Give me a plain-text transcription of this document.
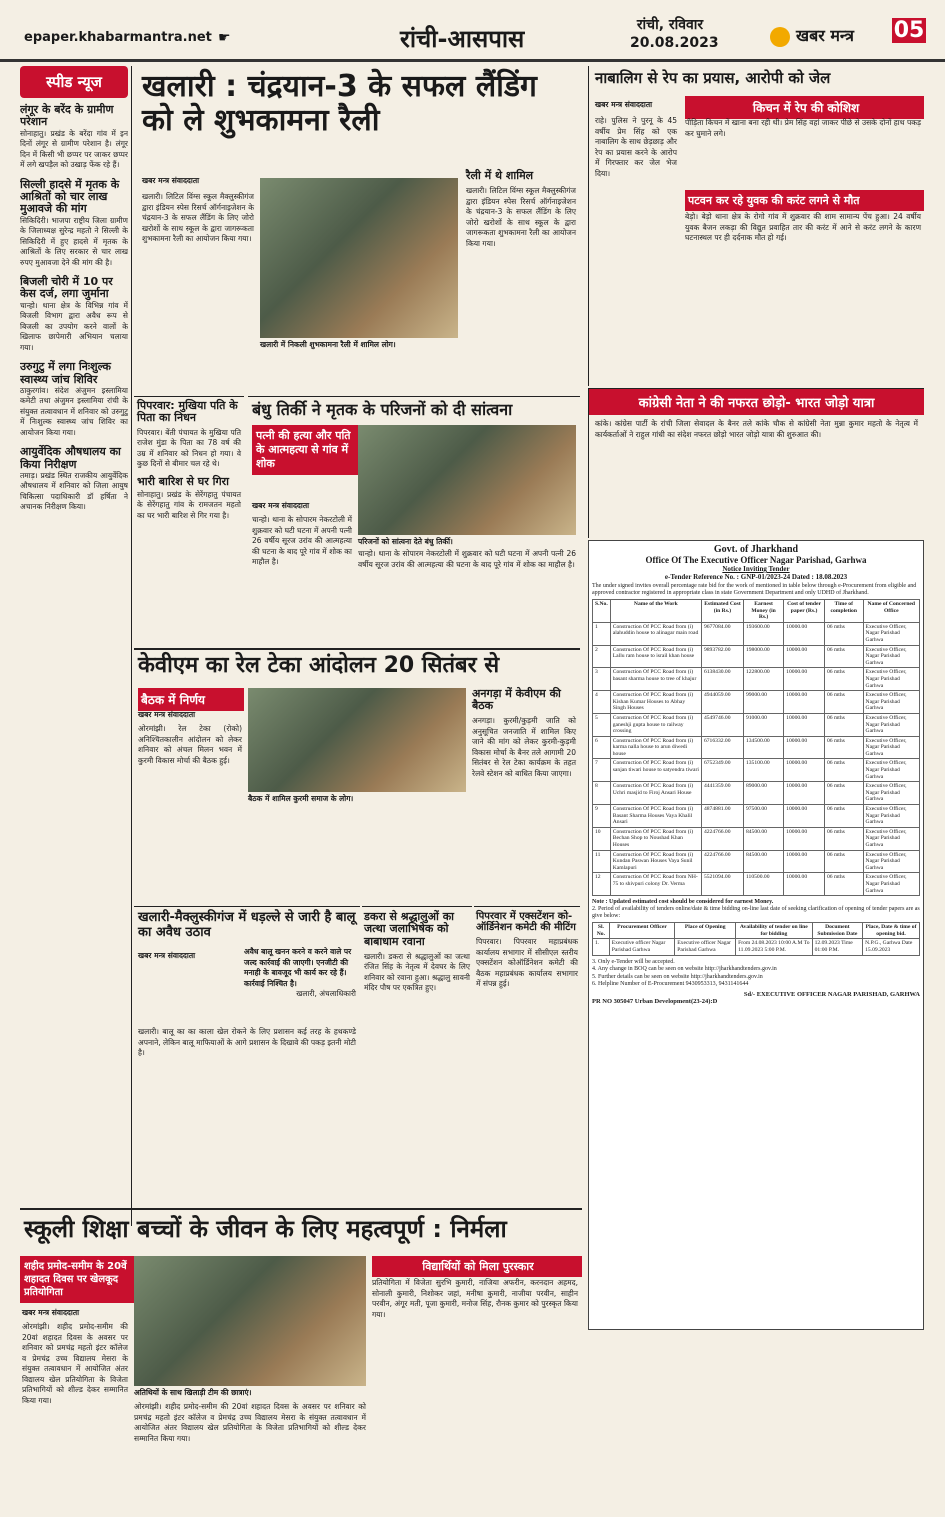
epaper.khabarmantra.net ☛	रांची-आसपास	रांची, रविवार
20.08.2023	खबर मन्त्र 05
स्पीड न्यूज
लंगूर के बरेंद के ग्रामीण परेशान
सोनाहातु। प्रखंड के बरेंदा गांव में इन दिनों लंगूर से ग्रामीण परेशान है। लंगूर दिन में किसी भी छप्पर पर जाकर छप्पर में लगे खपड़ैल को उखाड़ फेंक रहे हैं।
सिल्ली हादसे में मृतक के आश्रितों को चार लाख मुआवजे की मांग
सिकिदिरी। भाजपा राष्ट्रीय जिला ग्रामीण के जिलाध्यक्ष सुरेन्द्र महतो ने सिल्ली के सिकिदिरी में हुए हादसे में मृतक के आश्रितों के लिए सरकार से चार लाख रुपए मुआवजा देने की मांग की है।
बिजली चोरी में 10 पर केस दर्ज, लगा जुर्माना
चान्हो। थाना क्षेत्र के विभिन्न गांव में बिजली विभाग द्वारा अवैध रूप से बिजली का उपयोग करने वालों के खिलाफ छापेमारी अभियान चलाया गया।
उरुगुटु में लगा निःशुल्क स्वास्थ्य जांच शिविर
ठाकुरगांव। संदेश अंजुमन इस्लामिया कमेटी तथा अंजुमन इस्लामिया रांची के संयुक्त तत्वावधान में शनिवार को उरुगुटु में निःशुल्क स्वास्थ्य जांच शिविर का आयोजन किया गया।
आयुर्वेदिक औषधालय का किया निरीक्षण
तमाड़। प्रखंड स्थित राजकीय आयुर्वेदिक औषधालय में शनिवार को जिला आयुष चिकित्सा पदाधिकारी डॉ हर्षिता ने अचानक निरीक्षण किया।
खलारी : चंद्रयान-3 के सफल लैंडिंग को ले शुभकामना रैली
खबर मन्त्र संवाददाता
खलारी। लिटिल विंग्स स्कूल मैक्लुस्कीगंज द्वारा इंडियन स्पेस रिसर्च ऑर्गनाइजेशन के चंद्रयान-3 के सफल लैंडिंग के लिए जोरो खरोशों के साथ स्कूल के द्वारा जागरूकता शुभकामना रैली का आयोजन किया गया।
खलारी में निकली शुभकामना रैली में शामिल लोग।
रैली में थे शामिल
खलारी। लिटिल विंग्स स्कूल मैक्लुस्कीगंज द्वारा इंडियन स्पेस रिसर्च ऑर्गनाइजेशन के चंद्रयान-3 के सफल लैंडिंग के लिए जोरो खरोशों के साथ स्कूल के द्वारा जागरूकता शुभकामना रैली का आयोजन किया गया।
पिपरवार: मुखिया पति के पिता का निधन
पिपरवार। बेंती पंचायत के मुखिया पति राजेश मुंडा के पिता का 78 वर्ष की उम्र में शनिवार को निधन हो गया। वे कुछ दिनों से बीमार चल रहे थे।
भारी बारिश से घर गिरा
सोनाहातु। प्रखंड के सेरेंगहातु पंचायत के सेरेंगहातु गांव के रामजतन महतो का घर भारी बारिश से गिर गया है।
बंधु तिर्की ने मृतक के परिजनों को दी सांत्वना
पत्नी की हत्या और पति के आत्महत्या से गांव में शोक
खबर मन्त्र संवाददाता
चान्हो। थाना के सोपारम नेकरटोली में शुक्रवार को घटी घटना में अपनी पत्नी 26 वर्षीय सूरज उरांव की आत्महत्या की घटना के बाद पूरे गांव में शोक का माहौल है।
परिजनों को सांत्वना देते बंधु तिर्की।
चान्हो। थाना के सोपारम नेकरटोली में शुक्रवार को घटी घटना में अपनी पत्नी 26 वर्षीय सूरज उरांव की आत्महत्या की घटना के बाद पूरे गांव में शोक का माहौल है।
केवीएम का रेल टेका आंदोलन 20 सितंबर से
बैठक में निर्णय
खबर मन्त्र संवाददाता
ओरमांझी। रेल टेका (रोको) अनिश्चितकालीन आंदोलन को लेकर शनिवार को अंचल मिलन भवन में कुरमी विकास मोर्चा की बैठक हुई।
बैठक में शामिल कुरमी समाज के लोग।
अनगड़ा में केवीएम की बैठक
अनगड़ा। कुरमी/कुड़मी जाति को अनुसूचित जनजाति में शामिल किए जाने की मांग को लेकर कुरमी-कुड़मी विकास मोर्चा के बैनर तले आगामी 20 सितंबर से रेल टेका कार्यक्रम के तहत रेलवे स्टेशन को बाधित किया जाएगा।
खलारी-मैक्लुस्कीगंज में धड़ल्ले से जारी है बालू का अवैध उठाव
अवैध बालू खनन करने व करने वाले पर जल्द कार्रवाई की जाएगी। एनजीटी की मनाही के बावजूद भी कार्य कर रहे हैं। कार्रवाई निश्चित है।
खलारी, अंचलाधिकारी
खबर मन्त्र संवाददाता
खलारी। बालू का का काला खेल रोकने के लिए प्रशासन कई तरह के हथकण्डे अपनाने, लेकिन बालू माफियाओं के आगे प्रशासन के दिखावे की पकड़ इतनी मोटी है।
डकरा से श्रद्धालुओं का जत्था जलाभिषेक को बाबाधाम रवाना
खलारी। डकरा से श्रद्धालुओं का जत्था रंजित सिंह के नेतृत्व में देवघर के लिए शनिवार को रवाना हुआ। श्रद्धालु सावनी मंदिर पौष पर एकत्रित हुए।
पिपरवार में एक्सटेंशन को-ऑर्डिनेशन कमेटी की मीटिंग
पिपरवार। पिपरवार महाप्रबंधक कार्यालय सभागार में सीसीएल स्तरीय एक्सटेंशन कोऑर्डिनेशन कमेटी की बैठक महाप्रबंधक कार्यालय सभागार में संपन्न हुई।
नाबालिग से रेप का प्रयास, आरोपी को जेल
खबर मन्त्र संवाददाता
राहे। पुलिस ने पुरनू के 45 वर्षीय प्रेम सिंह को एक नाबालिग के साथ छेड़छाड़ और रेप का प्रयास करने के आरोप में गिरफ्तार कर जेल भेज दिया।
किचन में रेप की कोशिश
पीड़िता किचन में खाना बना रही थी। प्रेम सिंह वहां जाकर पीछे से उसके दोनों हाथ पकड़ कर घुमाने लगे।
पटवन कर रहे युवक की करंट लगने से मौत
बेड़ो। बेड़ो थाना क्षेत्र के रोगो गांव में शुक्रवार की शाम सामान्य पेंच हुआ। 24 वर्षीय युवक बैजन लकड़ा की विद्युत प्रवाहित तार की करंट में आने से करंट लगने के कारण घटनास्थल पर ही दर्दनाक मौत हो गई।
कांग्रेसी नेता ने की नफरत छोड़ो- भारत जोड़ो यात्रा
कांके। कांग्रेस पार्टी के रांची जिला सेवादल के बैनर तले कांके चौक से कांग्रेसी नेता मुन्ना कुमार महतो के नेतृत्व में कार्यकर्ताओं ने राहुल गांधी का संदेश नफरत छोड़ो भारत जोड़ो यात्रा की शुरुआत की।
Govt. of Jharkhand
Office Of The Executive Officer Nagar Parishad, Garhwa
Notice Inviting Tender
e-Tender Reference No. : GNP-01/2023-24 Dated : 18.08.2023
The under signed invites overall percentage rate bid for the work of mentioned in table below through e-Procurement from eligible and approved contractor registered in appropriate class in state Government Department and only UDHD of Jharkhand.
S.No.	Name of the Work	Estimated Cost (in Rs.)	Earnest Money (in Rs.)	Cost of tender paper (Rs.)	Time of completion	Name of Concerned Office
1	Construction Of PCC Road from (i) alahuddin house to alinagar main road	9677084.00	193600.00	10000.00	06 mths	Executive Officer, Nagar Parishad Garhwa
2	Construction Of PCC Road from (i) Lallu ram house to israil khan house	9893782.00	198000.00	10000.00	06 mths	Executive Officer, Nagar Parishad Garhwa
3	Construction Of PCC Road from (i) basant sharma house to tree of khajur	6138430.00	122800.00	10000.00	06 mths	Executive Officer, Nagar Parishad Garhwa
4	Construction Of PCC Road from (i) Kishan Kumar Houses to Abhay Singh Houses	4944059.00	99000.00	10000.00	06 mths	Executive Officer, Nagar Parishad Garhwa
5	Construction Of PCC Road from (i) ganeshji gupta house to railway crossing	4549746.00	91000.00	10000.00	06 mths	Executive Officer, Nagar Parishad Garhwa
6	Construction Of PCC Road from (i) karma nalla house to arun diwedi house	6716332.00	134500.00	10000.00	06 mths	Executive Officer, Nagar Parishad Garhwa
7	Construction Of PCC Road from (i) sanjan tiwari house to satyendra tiwari	6752349.00	135100.00	10000.00	06 mths	Executive Officer, Nagar Parishad Garhwa
8	Construction Of PCC Road from (i) Uchri masjid to Firoj Ansari House	4441359.00	89000.00	10000.00	06 mths	Executive Officer, Nagar Parishad Garhwa
9	Construction Of PCC Road from (i) Basant Sharma Houses Vaya Khalil Ansari	4874881.00	97500.00	10000.00	06 mths	Executive Officer, Nagar Parishad Garhwa
10	Construction Of PCC Road from (i) Bechan Shop to Noushad Khan Houses	4224766.00	84500.00	10000.00	06 mths	Executive Officer, Nagar Parishad Garhwa
11	Construction Of PCC Road from (i) Kundan Paswan Houses Vaya Sunil Kamlapuri	4224766.00	84500.00	10000.00	06 mths	Executive Officer, Nagar Parishad Garhwa
12	Construction Of PCC Road from NH-75 to shivpuri colony Dr. Verma	5521094.00	110500.00	10000.00	06 mths	Executive Officer, Nagar Parishad Garhwa
Note : Updated estimated cost should be considered for earnest Money.
2. Period of availability of tenders online/date & time bidding on-line last date of seeking clarification of opening of tender papers are as give below:
Sl. No.	Procurement Officer	Place of Opening	Availability of tender on line for bidding	Document Submission Date	Place, Date & time of opening bid.
1.	Executive officer Nagar Parishad Garhwa	Executive officer Nagar Parishad Garhwa	From 24.08.2023 10:00 A.M To 11.09.2023 5:00 P.M.	12.09.2023 Time 01:00 P.M.	N.P.G., Garhwa Date 15.09.2023
3. Only e-Tender will be accepted.
4. Any change in BOQ can be seen on website http://jharkhandtenders.gov.in
5. Further details can be seen on website http://jharkhandtenders.gov.in
6. Helpline Number of E-Procurement 9430953313, 9431141644
Sd/- EXECUTIVE OFFICER NAGAR PARISHAD, GARHWA
PR NO 305047 Urban Development(23-24):D
स्कूली शिक्षा बच्चों के जीवन के लिए महत्वपूर्ण : निर्मला
शहीद प्रमोद-समीम के 20वें शहादत दिवस पर खेलकूद प्रतियोगिता
खबर मन्त्र संवाददाता
ओरमांझी। शहीद प्रमोद-समीम की 20वां शहादत दिवस के अवसर पर शनिवार को प्रमचंद्र महतो इंटर कॉलेज व प्रेमचंद्र उच्च विद्यालय मेसरा के संयुक्त तत्वावधान में आयोजित अंतर विद्यालय खेल प्रतियोगिता के विजेता प्रतिभागियों को शील्ड देकर सम्मानित किया गया।
अतिथियों के साथ खिलाड़ी टीम की छात्राएं।
ओरमांझी। शहीद प्रमोद-समीम की 20वां शहादत दिवस के अवसर पर शनिवार को प्रमचंद्र महतो इंटर कॉलेज व प्रेमचंद्र उच्च विद्यालय मेसरा के संयुक्त तत्वावधान में आयोजित अंतर विद्यालय खेल प्रतियोगिता के विजेता प्रतिभागियों को शील्ड देकर सम्मानित किया गया।
विद्यार्थियों को मिला पुरस्कार
प्रतियोगिता में विजेता सुरभि कुमारी, नाजिया अफरीन, करनदान अहमद, सोनाली कुमारी, निशोकर जहां, मनीषा कुमारी, नाजीया परवीन, साहीन परवीन, अंगूर मती, पूजा कुमारी, मनोज सिंह, रौनक कुमार को पुरस्कृत किया गया।
